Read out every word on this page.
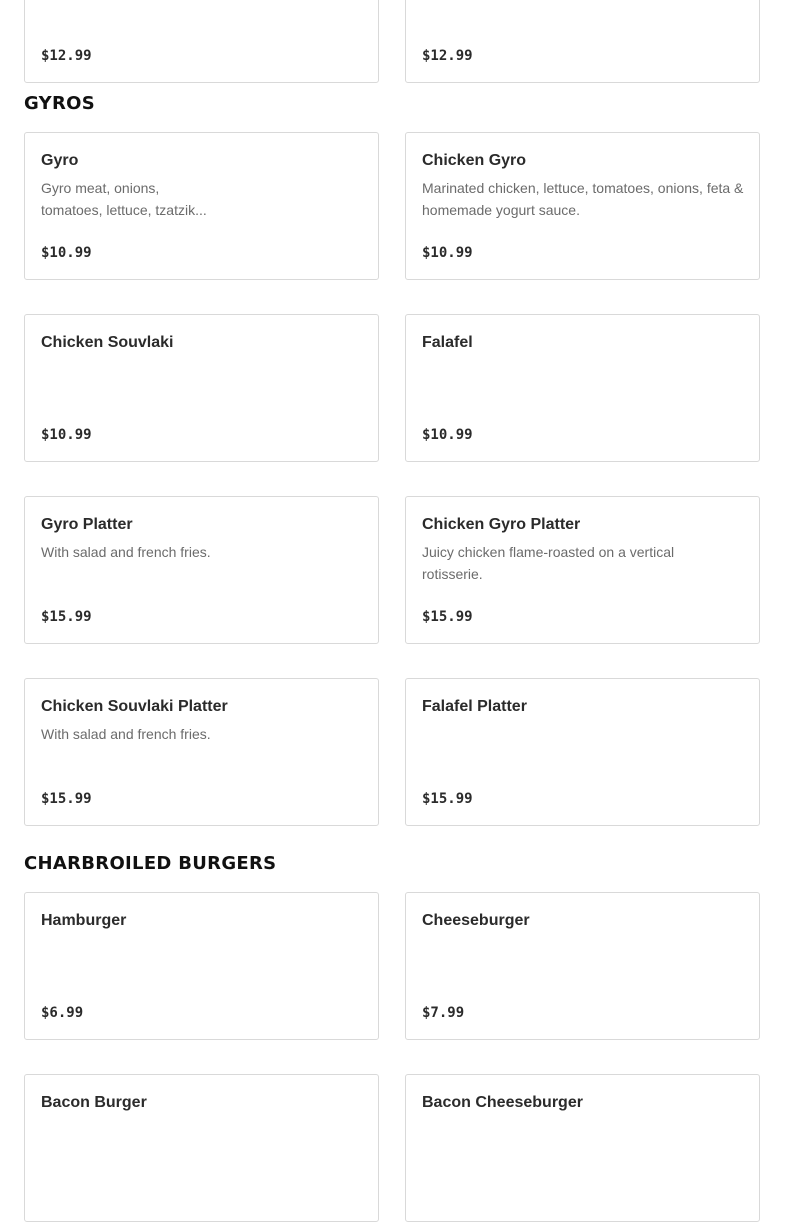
$12.99	$12.99
GYROS
Gyro
Gyro meat, onions, tomatoes, lettuce, tzatzik...
$10.99
Chicken Gyro
Marinated chicken, lettuce, tomatoes, onions, feta & homemade yogurt sauce.
$10.99
Chicken Souvlaki
$10.99
Falafel
$10.99
Gyro Platter
With salad and french fries.
$15.99
Chicken Gyro Platter
Juicy chicken flame-roasted on a vertical rotisserie.
$15.99
Chicken Souvlaki Platter
With salad and french fries.
$15.99
Falafel Platter
$15.99
CHARBROILED BURGERS
Hamburger
$6.99
Cheeseburger
$7.99
Bacon Burger	Bacon Cheeseburger
